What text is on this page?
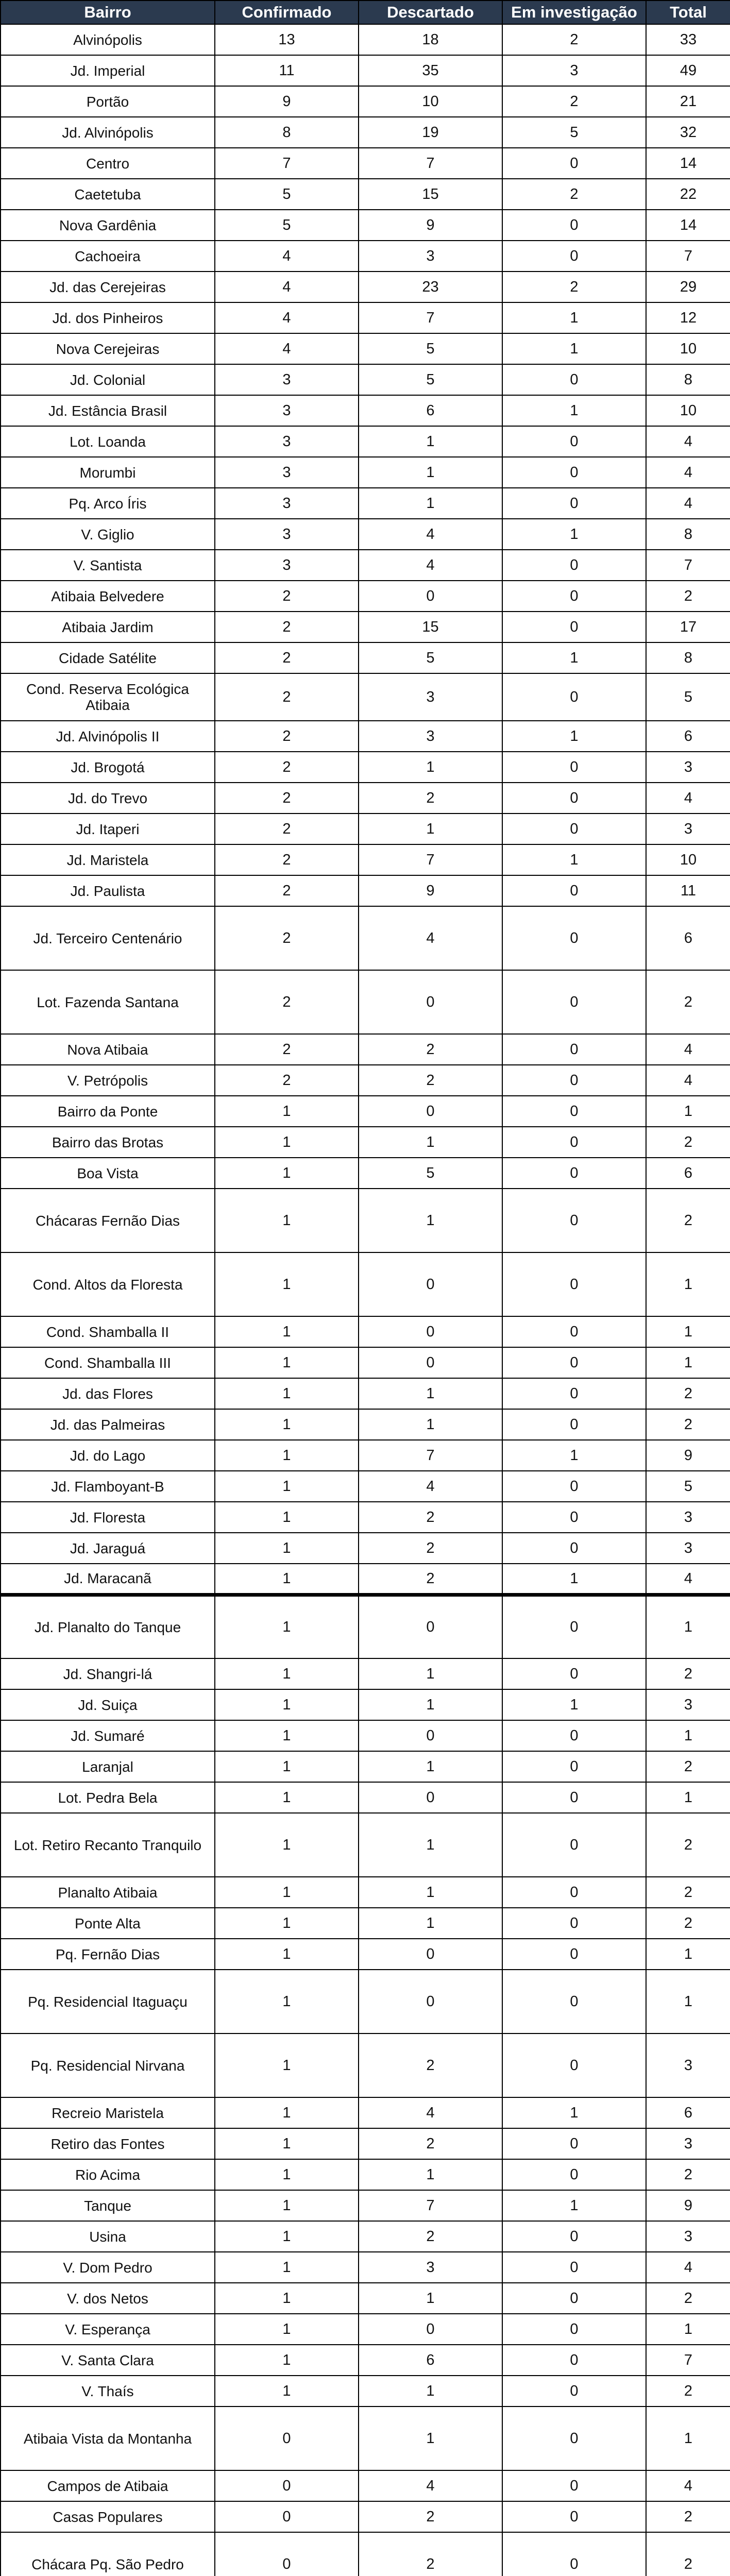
Bairro	Confirmado	Descartado	Em investigação	Total
Alvinópolis	13	18	2	33
Jd. Imperial	11	35	3	49
Portão	9	10	2	21
Jd. Alvinópolis	8	19	5	32
Centro	7	7	0	14
Caetetuba	5	15	2	22
Nova Gardênia	5	9	0	14
Cachoeira	4	3	0	7
Jd. das Cerejeiras	4	23	2	29
Jd. dos Pinheiros	4	7	1	12
Nova Cerejeiras	4	5	1	10
Jd. Colonial	3	5	0	8
Jd. Estância Brasil	3	6	1	10
Lot. Loanda	3	1	0	4
Morumbi	3	1	0	4
Pq. Arco Íris	3	1	0	4
V. Giglio	3	4	1	8
V. Santista	3	4	0	7
Atibaia Belvedere	2	0	0	2
Atibaia Jardim	2	15	0	17
Cidade Satélite	2	5	1	8
Cond. Reserva Ecológica Atibaia	2	3	0	5
Jd. Alvinópolis II	2	3	1	6
Jd. Brogotá	2	1	0	3
Jd. do Trevo	2	2	0	4
Jd. Itaperi	2	1	0	3
Jd. Maristela	2	7	1	10
Jd. Paulista	2	9	0	11
Jd. Terceiro Centenário	2	4	0	6
Lot. Fazenda Santana	2	0	0	2
Nova Atibaia	2	2	0	4
V. Petrópolis	2	2	0	4
Bairro da Ponte	1	0	0	1
Bairro das Brotas	1	1	0	2
Boa Vista	1	5	0	6
Chácaras Fernão Dias	1	1	0	2
Cond. Altos da Floresta	1	0	0	1
Cond. Shamballa II	1	0	0	1
Cond. Shamballa III	1	0	0	1
Jd. das Flores	1	1	0	2
Jd. das Palmeiras	1	1	0	2
Jd. do Lago	1	7	1	9
Jd. Flamboyant-B	1	4	0	5
Jd. Floresta	1	2	0	3
Jd. Jaraguá	1	2	0	3
Jd. Maracanã	1	2	1	4
Jd. Planalto do Tanque	1	0	0	1
Jd. Shangri-lá	1	1	0	2
Jd. Suiça	1	1	1	3
Jd. Sumaré	1	0	0	1
Laranjal	1	1	0	2
Lot. Pedra Bela	1	0	0	1
Lot. Retiro Recanto Tranquilo	1	1	0	2
Planalto Atibaia	1	1	0	2
Ponte Alta	1	1	0	2
Pq. Fernão Dias	1	0	0	1
Pq. Residencial Itaguaçu	1	0	0	1
Pq. Residencial Nirvana	1	2	0	3
Recreio Maristela	1	4	1	6
Retiro das Fontes	1	2	0	3
Rio Acima	1	1	0	2
Tanque	1	7	1	9
Usina	1	2	0	3
V. Dom Pedro	1	3	0	4
V. dos Netos	1	1	0	2
V. Esperança	1	0	0	1
V. Santa Clara	1	6	0	7
V. Thaís	1	1	0	2
Atibaia Vista da Montanha	0	1	0	1
Campos de Atibaia	0	4	0	4
Casas Populares	0	2	0	2
Chácara Pq. São Pedro	0	2	0	2
